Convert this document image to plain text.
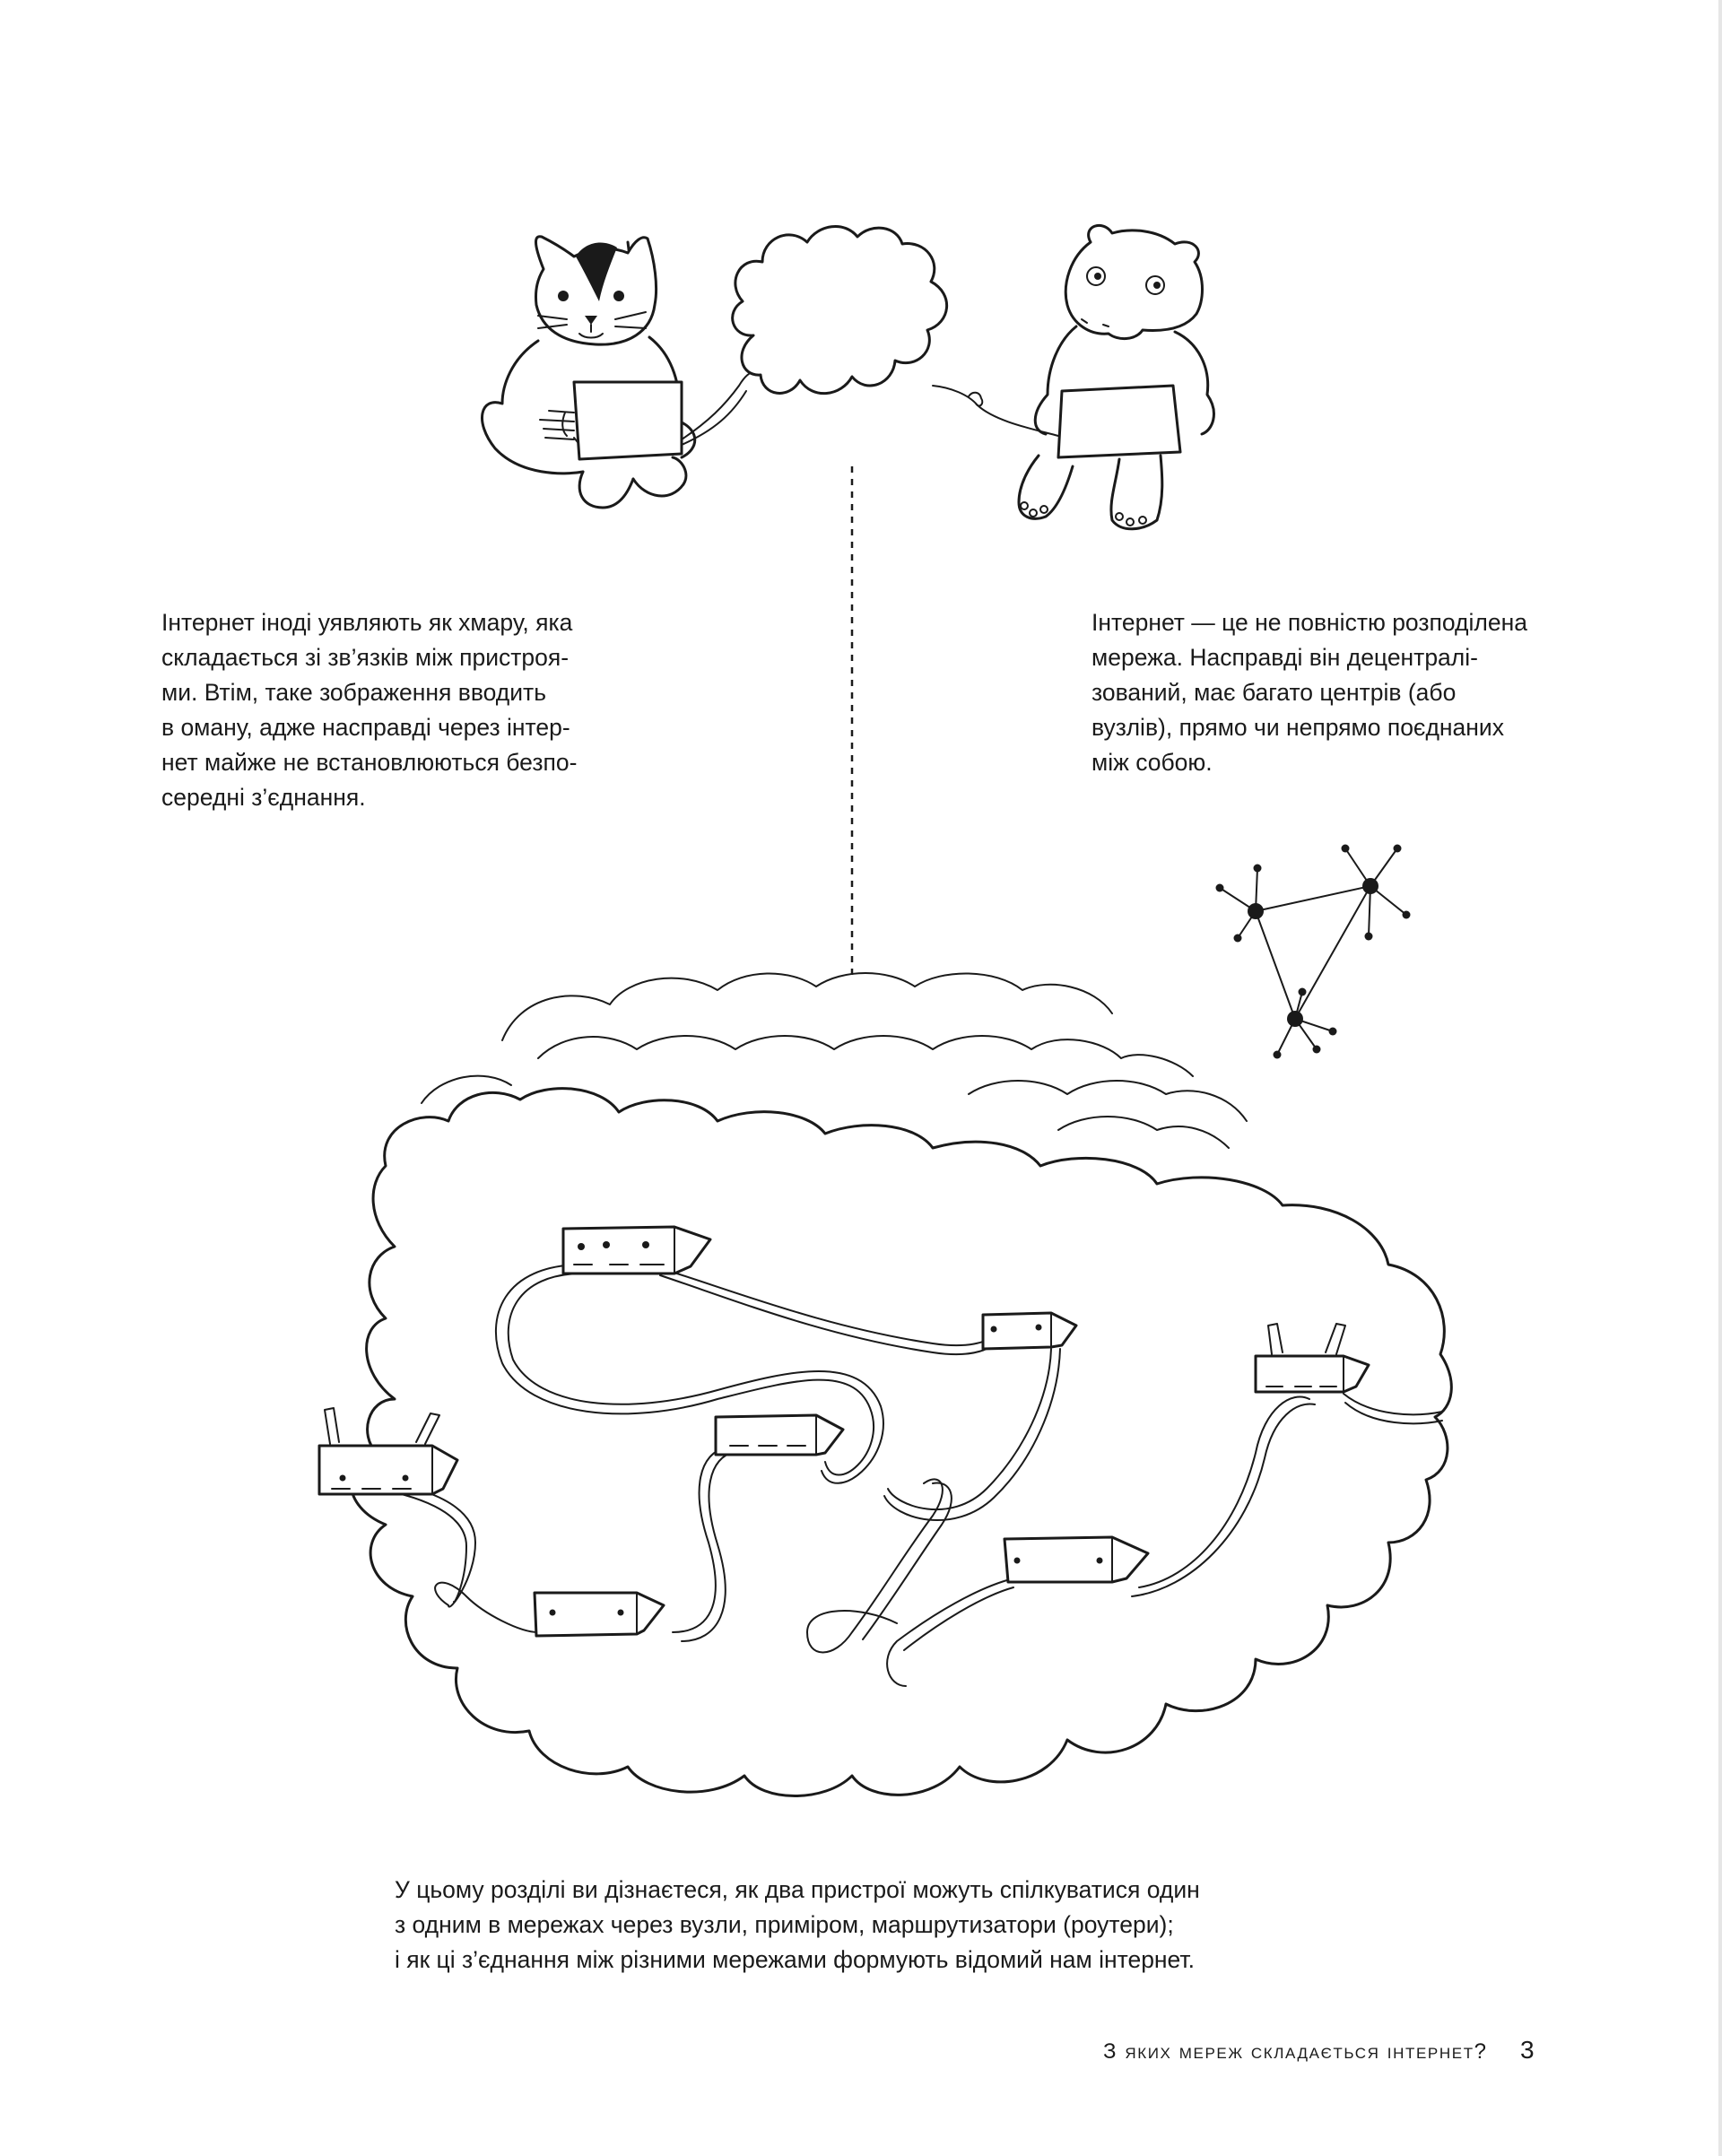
Інтернет іноді уявляють як хмару, яка
складається зі зв’язків між пристроя-
ми. Втім, таке зображення вводить
в оману, адже насправді через інтер-
нет майже не встановлюються безпо-
середні з’єднання.
Інтернет — це не повністю розподілена
мережа. Насправді він децентралі-
зований, має багато центрів (або
вузлів), прямо чи непрямо поєднаних
між собою.
У цьому розділі ви дізнаєтеся, як два пристрої можуть спілкуватися один
з одним в мережах через вузли, приміром, маршрутизатори (роутери);
і як ці з’єднання між різними мережами формують відомий нам інтернет.
З яких мереж складається інтернет? 3
